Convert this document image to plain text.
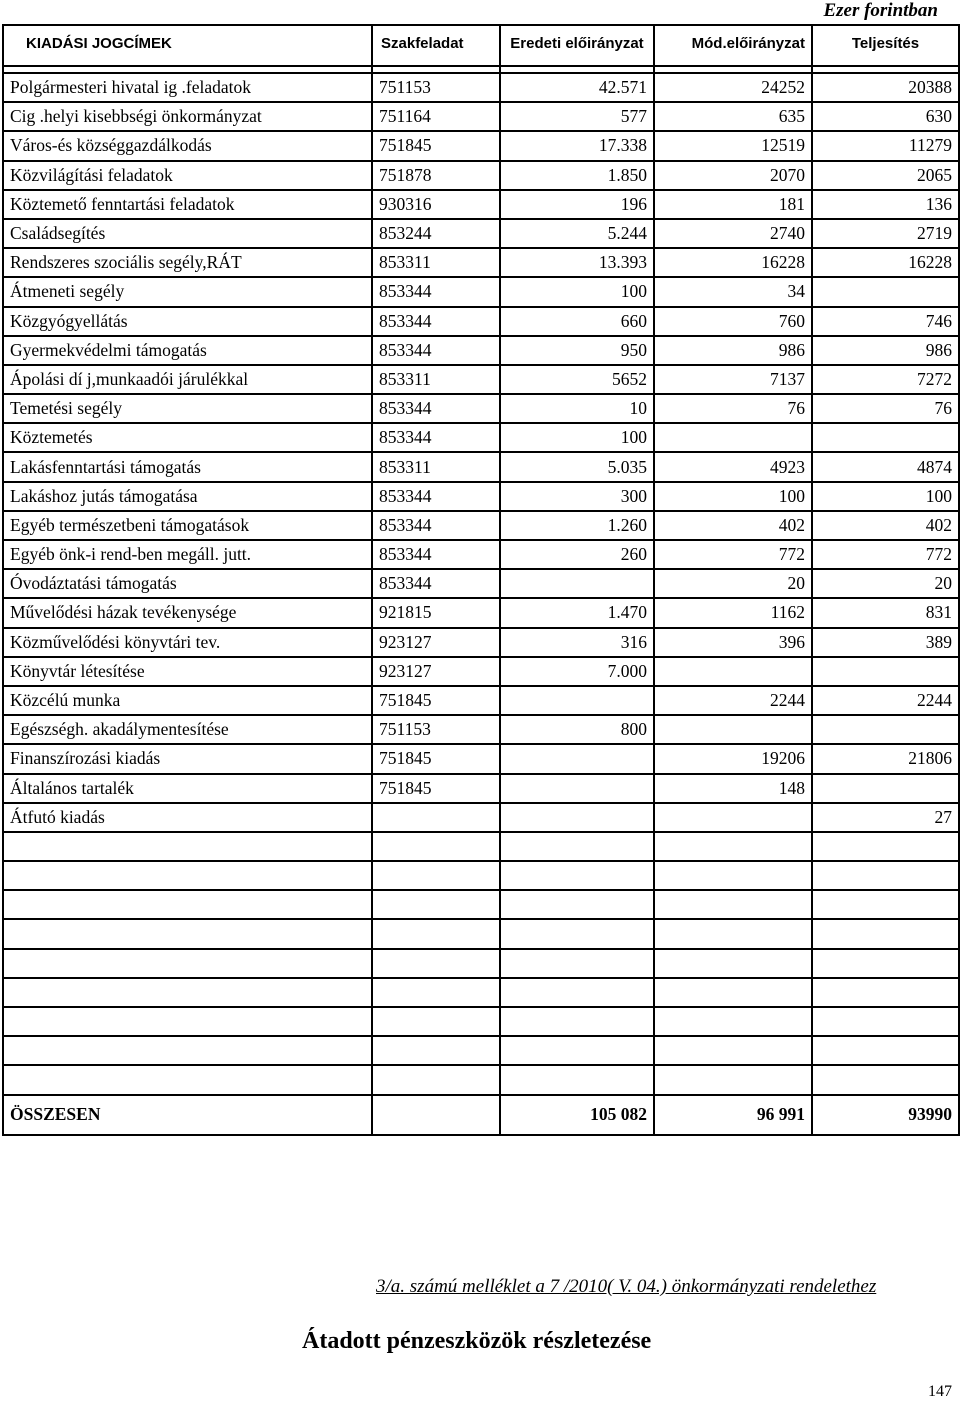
Ezer forintban
KIADÁSI JOGCÍMEK	Szakfeladat	Eredeti előirányzat	Mód.előirányzat	Teljesítés

Polgármesteri hivatal ig .feladatok	751153	42.571	24252	20388
Cig .helyi kisebbségi önkormányzat	751164	577	635	630
Város-és községgazdálkodás	751845	17.338	12519	11279
Közvilágítási feladatok	751878	1.850	2070	2065
Köztemető fenntartási feladatok	930316	196	181	136
Családsegítés	853244	5.244	2740	2719
Rendszeres szociális segély,RÁT	853311	13.393	16228	16228
Átmeneti segély	853344	100	34	
Közgyógyellátás	853344	660	760	746
Gyermekvédelmi támogatás	853344	950	986	986
Ápolási dí j,munkaadói járulékkal	853311	5652	7137	7272
Temetési segély	853344	10	76	76
Köztemetés	853344	100		
Lakásfenntartási támogatás	853311	5.035	4923	4874
Lakáshoz jutás támogatása	853344	300	100	100
Egyéb természetbeni támogatások	853344	1.260	402	402
Egyéb önk-i rend-ben megáll. jutt.	853344	260	772	772
Óvodáztatási támogatás	853344		20	20
Művelődési házak tevékenysége	921815	1.470	1162	831
Közművelődési könyvtári tev.	923127	316	396	389
Könyvtár létesítése	923127	7.000		
Közcélú munka	751845		2244	2244
Egészségh. akadálymentesítése	751153	800		
Finanszírozási kiadás	751845		19206	21806
Általános tartalék	751845		148	
Átfutó kiadás				27

ÖSSZESEN		105 082	96 991	93990
3/a. számú melléklet a 7 /2010( V. 04.) önkormányzati rendelethez
Átadott pénzeszközök részletezése
147
